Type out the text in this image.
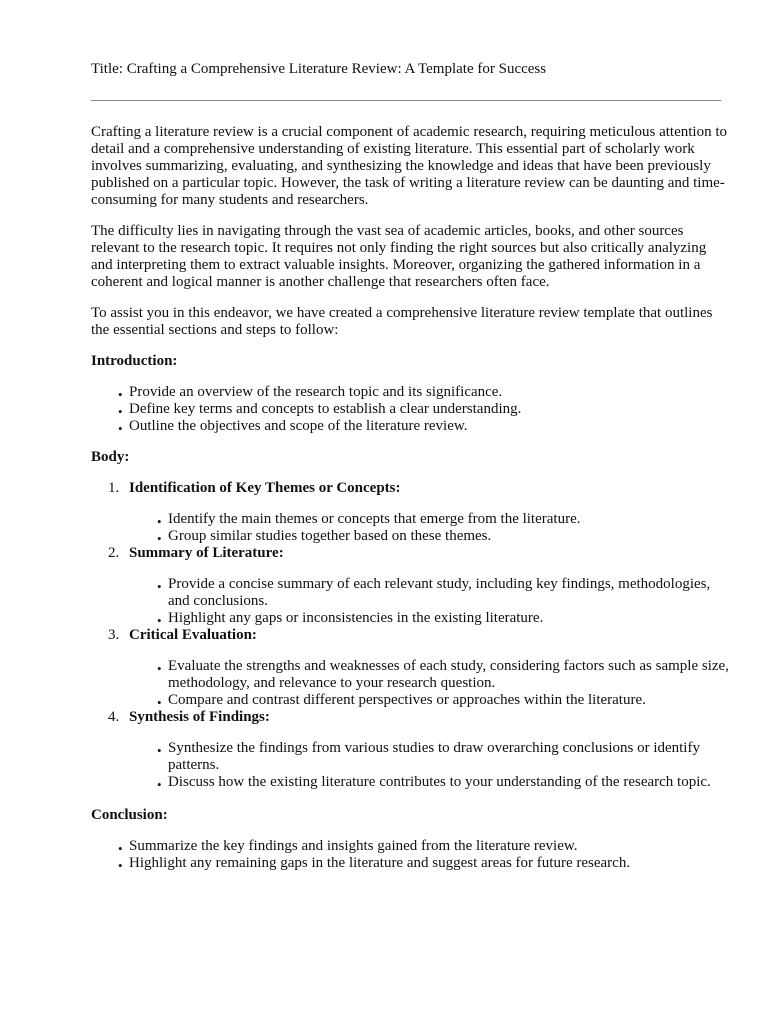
Title: Crafting a Comprehensive Literature Review: A Template for Success

Crafting a literature review is a crucial component of academic research, requiring meticulous attention to detail and a comprehensive understanding of existing literature. This essential part of scholarly work involves summarizing, evaluating, and synthesizing the knowledge and ideas that have been previously published on a particular topic. However, the task of writing a literature review can be daunting and time-consuming for many students and researchers.

The difficulty lies in navigating through the vast sea of academic articles, books, and other sources relevant to the research topic. It requires not only finding the right sources but also critically analyzing and interpreting them to extract valuable insights. Moreover, organizing the gathered information in a coherent and logical manner is another challenge that researchers often face.

To assist you in this endeavor, we have created a comprehensive literature review template that outlines the essential sections and steps to follow:

Introduction:
• Provide an overview of the research topic and its significance.
• Define key terms and concepts to establish a clear understanding.
• Outline the objectives and scope of the literature review.
Body:
1. Identification of Key Themes or Concepts:
• Identify the main themes or concepts that emerge from the literature.
• Group similar studies together based on these themes.
2. Summary of Literature:
• Provide a concise summary of each relevant study, including key findings, methodologies, and conclusions.
• Highlight any gaps or inconsistencies in the existing literature.
3. Critical Evaluation:
• Evaluate the strengths and weaknesses of each study, considering factors such as sample size, methodology, and relevance to your research question.
• Compare and contrast different perspectives or approaches within the literature.
4. Synthesis of Findings:
• Synthesize the findings from various studies to draw overarching conclusions or identify patterns.
• Discuss how the existing literature contributes to your understanding of the research topic.
Conclusion:
• Summarize the key findings and insights gained from the literature review.
• Highlight any remaining gaps in the literature and suggest areas for future research.
